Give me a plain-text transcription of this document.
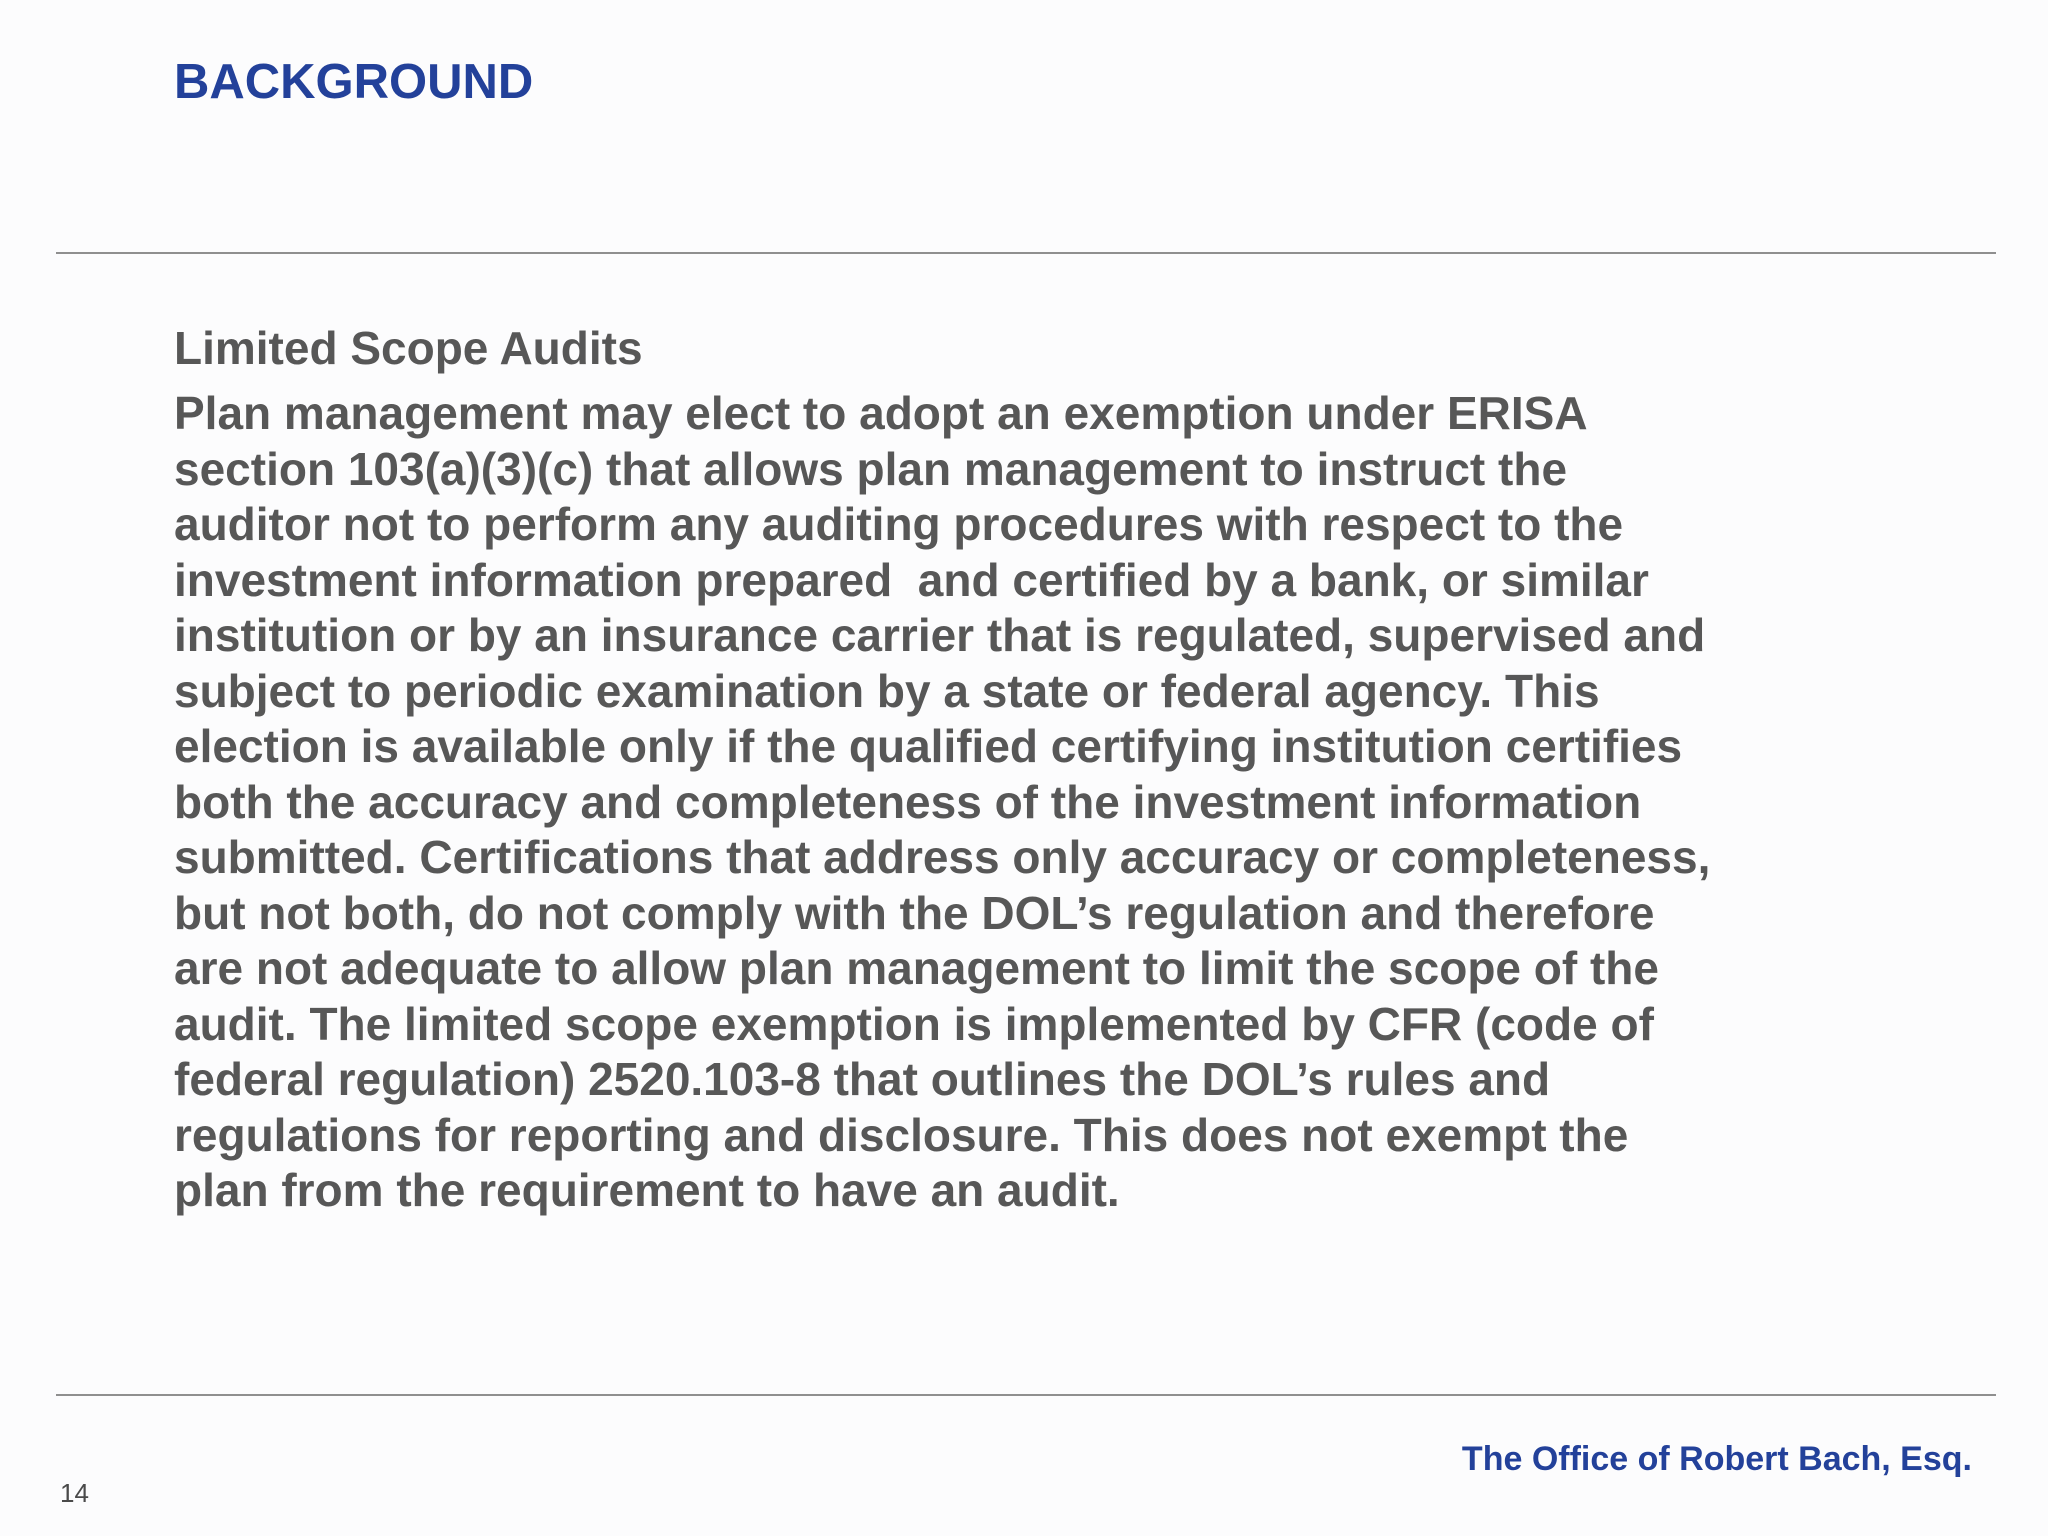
BACKGROUND
Limited Scope Audits

Plan management may elect to adopt an exemption under ERISA
section 103(a)(3)(c) that allows plan management to instruct the
auditor not to perform any auditing procedures with respect to the
investment information prepared  and certified by a bank, or similar
institution or by an insurance carrier that is regulated, supervised and
subject to periodic examination by a state or federal agency. This
election is available only if the qualified certifying institution certifies
both the accuracy and completeness of the investment information
submitted. Certifications that address only accuracy or completeness,
but not both, do not comply with the DOL’s regulation and therefore
are not adequate to allow plan management to limit the scope of the
audit. The limited scope exemption is implemented by CFR (code of
federal regulation) 2520.103-8 that outlines the DOL’s rules and
regulations for reporting and disclosure. This does not exempt the
plan from the requirement to have an audit.

The Office of Robert Bach, Esq.
14
